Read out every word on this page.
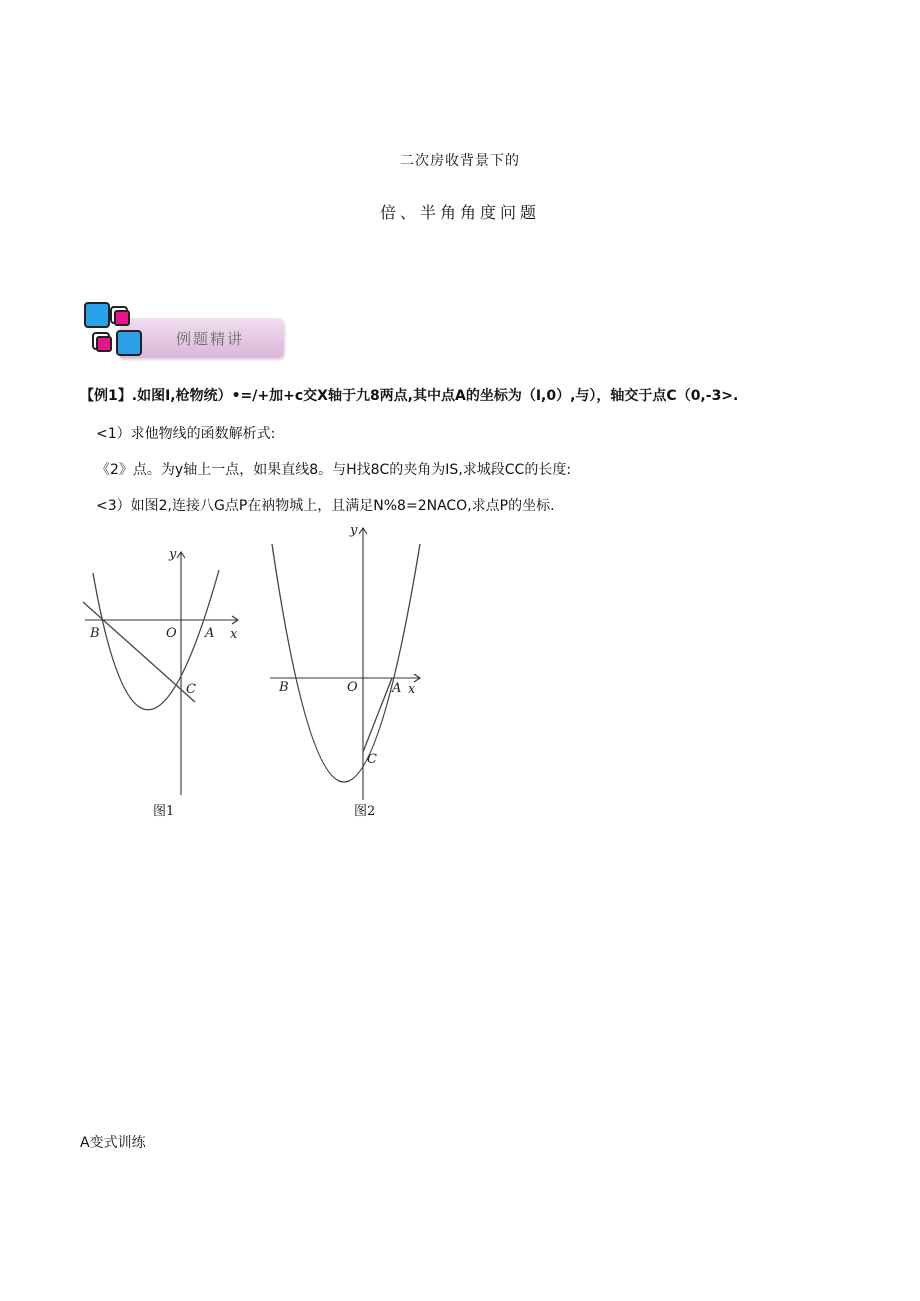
二次房收背景下的
倍、半角角度问题
例题精讲
【例1】.如图I,枪物统）•=/+加+c交X轴于九8两点,其中点A的坐标为（I,0）,与），轴交于点C（0,-3>.
<1）求他物线的函数解析式:
《2》点。为y轴上一点，如果直线8。与H找8C的夹角为IS,求城段CC的长度:
<3）如图2,连接八G点P在衲物城上，且满足N%8=2NACO,求点P的坐标.
y
x
B	O A
C
图1
y
x
B	O	A
C
图2
A变式训练
